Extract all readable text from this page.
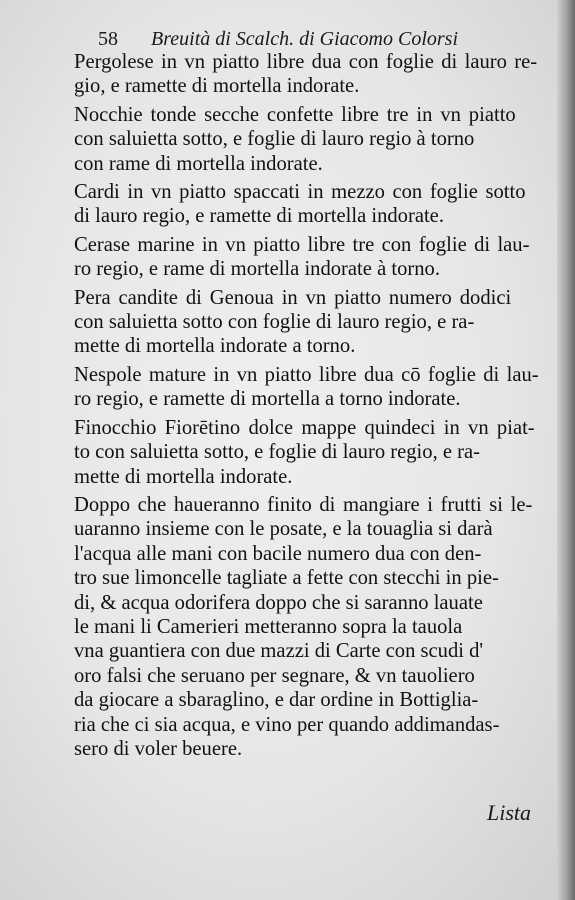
58 Breuità di Scalch. di Giacomo Colorsi
Pergolese in vn piatto libre dua con foglie di lauro re-
gio, e ramette di mortella indorate.
Nocchie tonde secche confette libre tre in vn piatto
con saluietta sotto, e foglie di lauro regio à torno
con rame di mortella indorate.
Cardi in vn piatto spaccati in mezzo con foglie sotto
di lauro regio, e ramette di mortella indorate.
Cerase marine in vn piatto libre tre con foglie di lau-
ro regio, e rame di mortella indorate à torno.
Pera candite di Genoua in vn piatto numero dodici
con saluietta sotto con foglie di lauro regio, e ra-
mette di mortella indorate a torno.
Nespole mature in vn piatto libre dua cō foglie di lau-
ro regio, e ramette di mortella a torno indorate.
Finocchio Fiorētino dolce mappe quindeci in vn piat-
to con saluietta sotto, e foglie di lauro regio, e ra-
mette di mortella indorate.
Doppo che haueranno finito di mangiare i frutti si le-
uaranno insieme con le posate, e la touaglia si darà
l'acqua alle mani con bacile numero dua con den-
tro sue limoncelle tagliate a fette con stecchi in pie-
di, & acqua odorifera doppo che si saranno lauate
le mani li Camerieri metteranno sopra la tauola
vna guantiera con due mazzi di Carte con scudi d'
oro falsi che seruano per segnare, & vn tauoliero
da giocare a sbaraglino, e dar ordine in Bottiglia-
ria che ci sia acqua, e vino per quando addimandas-
sero di voler beuere.
Lista
